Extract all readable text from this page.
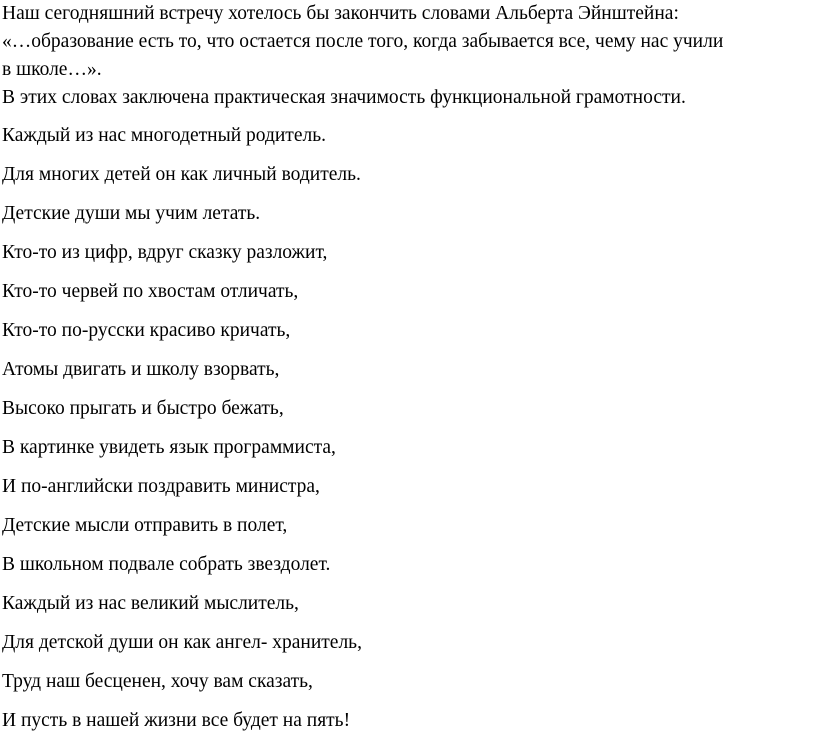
Наш сегодняшний встречу хотелось бы закончить словами Альберта Эйнштейна:
«…образование есть то, что остается после того, когда забывается все, чему нас учили
в школе…».
В этих словах заключена практическая значимость функциональной грамотности.

Каждый из нас многодетный родитель.
Для многих детей он как личный водитель.
Детские души мы учим летать.
Кто-то из цифр, вдруг сказку разложит,
Кто-то червей по хвостам отличать,
Кто-то по-русски красиво кричать,
Атомы двигать и школу взорвать,
Высоко прыгать и быстро бежать,
В картинке увидеть язык программиста,
И по-английски поздравить министра,
Детские мысли отправить в полет,
В школьном подвале собрать звездолет.
Каждый из нас великий мыслитель,
Для детской души он как ангел- хранитель,
Труд наш бесценен, хочу вам сказать,
И пусть в нашей жизни все будет на пять!
